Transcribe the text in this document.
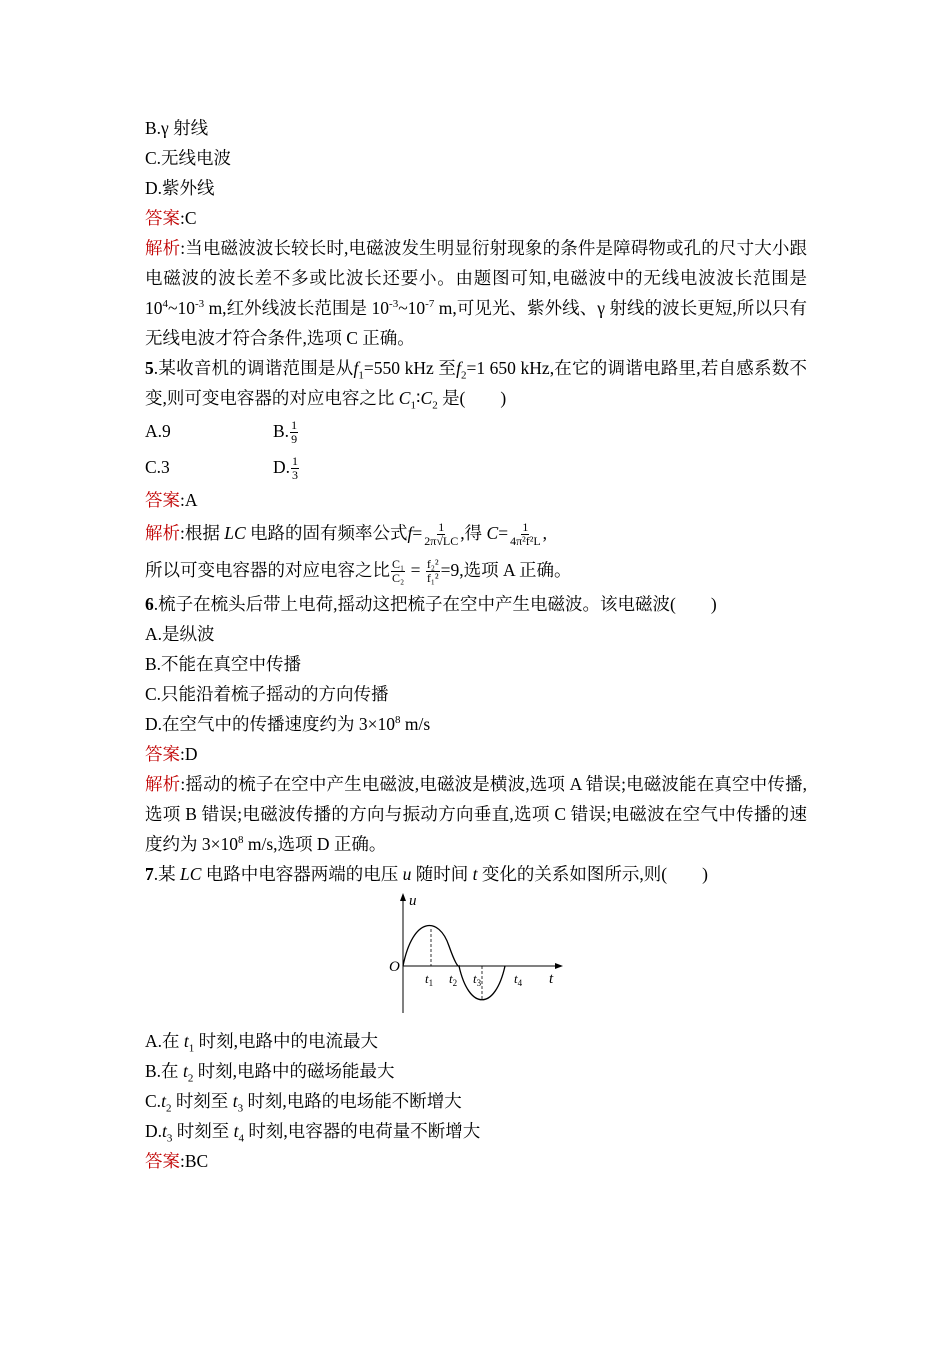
B.γ 射线
C.无线电波
D.紫外线
答案:C
解析:当电磁波波长较长时,电磁波发生明显衍射现象的条件是障碍物或孔的尺寸大小跟电磁波的波长差不多或比波长还要小。由题图可知,电磁波中的无线电波波长范围是 $10^4\sim 10^{-3}$ m,红外线波长范围是 $10^{-3}\sim 10^{-7}$ m,可见光、紫外线、γ 射线的波长更短,所以只有无线电波才符合条件,选项 C 正确。
5.某收音机的调谐范围是从$f_1=550$ kHz 至$f_2=1$ 650 kHz,在它的调谐电路里,若自感系数不变,则可变电容器的对应电容之比 $C_1∶C_2$ 是(　　)
A.9	B. $\frac{1}{9}$
C.3	D. $\frac{1}{3}$
答案:A
解析:根据 LC 电路的固有频率公式$f= \frac{1}{2\pi√LC}$ ,得 $C= \frac{1}{\text{4π²f²L}}$ ,
所以可变电容器的对应电容之比 $\frac{\text{C₁}}{\text{C₂}} = \frac{\text{f₂²}}{\text{f₁²}} =9$,选项 A 正确。
6.梳子在梳头后带上电荷,摇动这把梳子在空中产生电磁波。该电磁波(　　)
A.是纵波
B.不能在真空中传播
C.只能沿着梳子摇动的方向传播
D.在空气中的传播速度约为 $3\times 10^8$ m/s
答案:D
解析:摇动的梳子在空中产生电磁波,电磁波是横波,选项 A 错误;电磁波能在真空中传播,选项 B 错误;电磁波传播的方向与振动方向垂直,选项 C 错误;电磁波在空气中传播的速度约为 $3\times 10^8$ m/s,选项 D 正确。
7.某 LC 电路中电容器两端的电压 u 随时间 t 变化的关系如图所示,则(　　)
u
O
t
$t_1$ $t_2$ $t_3$	$t_4$
A.在 $t_1$ 时刻,电路中的电流最大
B.在 $t_2$ 时刻,电路中的磁场能最大
$C.t_2$ 时刻至 $t_3$ 时刻,电路的电场能不断增大
$D.t_3$ 时刻至 $t_4$ 时刻,电容器的电荷量不断增大
答案:BC
